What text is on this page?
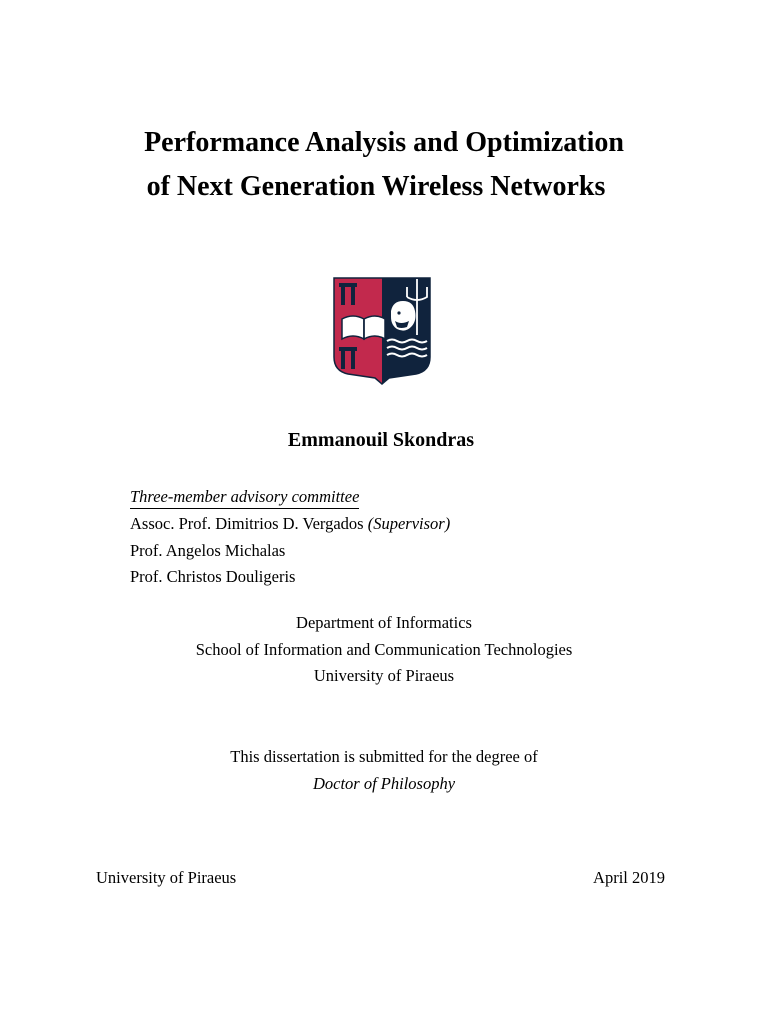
Performance Analysis and Optimization
of Next Generation Wireless Networks
Emmanouil Skondras
Three-member advisory committee
Assoc. Prof. Dimitrios D. Vergados (Supervisor)
Prof. Angelos Michalas
Prof. Christos Douligeris
Department of Informatics
School of Information and Communication Technologies
University of Piraeus
This dissertation is submitted for the degree of
Doctor of Philosophy
University of Piraeus	April 2019
